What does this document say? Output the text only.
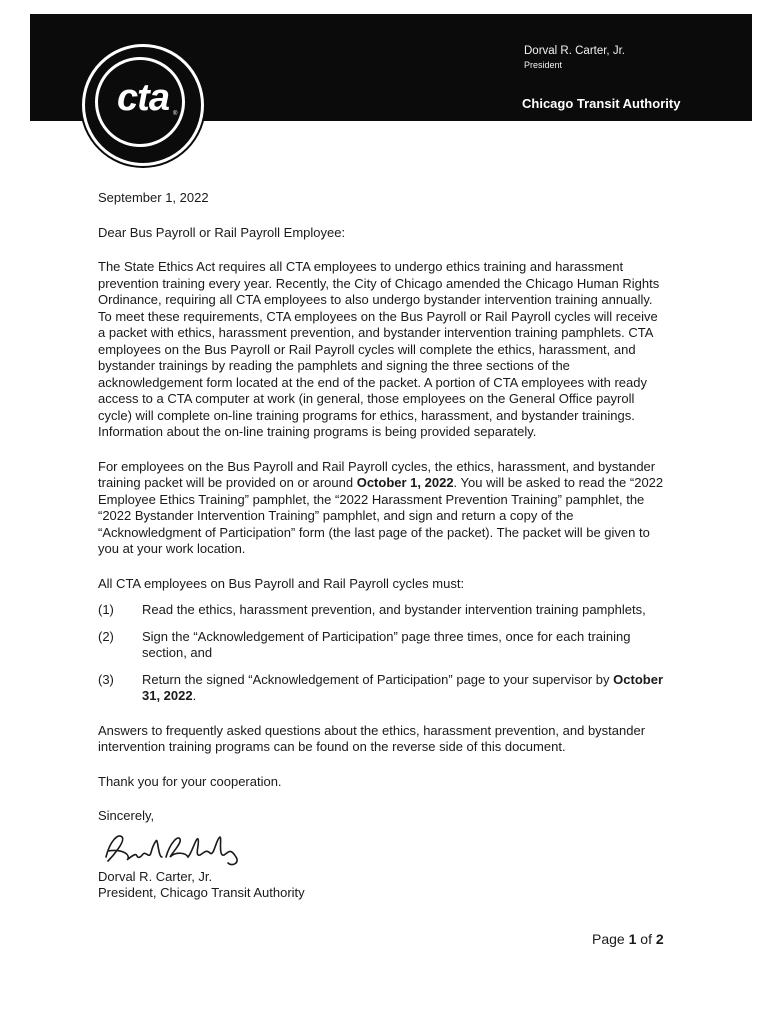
cta ®
Dorval R. Carter, Jr.
President
Chicago Transit Authority

September 1, 2022

Dear Bus Payroll or Rail Payroll Employee:

The State Ethics Act requires all CTA employees to undergo ethics training and harassment prevention training every year. Recently, the City of Chicago amended the Chicago Human Rights Ordinance, requiring all CTA employees to also undergo bystander intervention training annually. To meet these requirements, CTA employees on the Bus Payroll or Rail Payroll cycles will receive a packet with ethics, harassment prevention, and bystander intervention training pamphlets. CTA employees on the Bus Payroll or Rail Payroll cycles will complete the ethics, harassment, and bystander trainings by reading the pamphlets and signing the three sections of the acknowledgement form located at the end of the packet. A portion of CTA employees with ready access to a CTA computer at work (in general, those employees on the General Office payroll cycle) will complete on-line training programs for ethics, harassment, and bystander trainings. Information about the on-line training programs is being provided separately.

For employees on the Bus Payroll and Rail Payroll cycles, the ethics, harassment, and bystander training packet will be provided on or around October 1, 2022. You will be asked to read the “2022 Employee Ethics Training” pamphlet, the “2022 Harassment Prevention Training” pamphlet, the “2022 Bystander Intervention Training” pamphlet, and sign and return a copy of the “Acknowledgment of Participation” form (the last page of the packet). The packet will be given to you at your work location.

All CTA employees on Bus Payroll and Rail Payroll cycles must:

(1) Read the ethics, harassment prevention, and bystander intervention training pamphlets,
(2) Sign the “Acknowledgement of Participation” page three times, once for each training section, and
(3) Return the signed “Acknowledgement of Participation” page to your supervisor by October 31, 2022.

Answers to frequently asked questions about the ethics, harassment prevention, and bystander intervention training programs can be found on the reverse side of this document.

Thank you for your cooperation.

Sincerely,

Dorval R. Carter, Jr.

President, Chicago Transit Authority

Page 1 of 2
